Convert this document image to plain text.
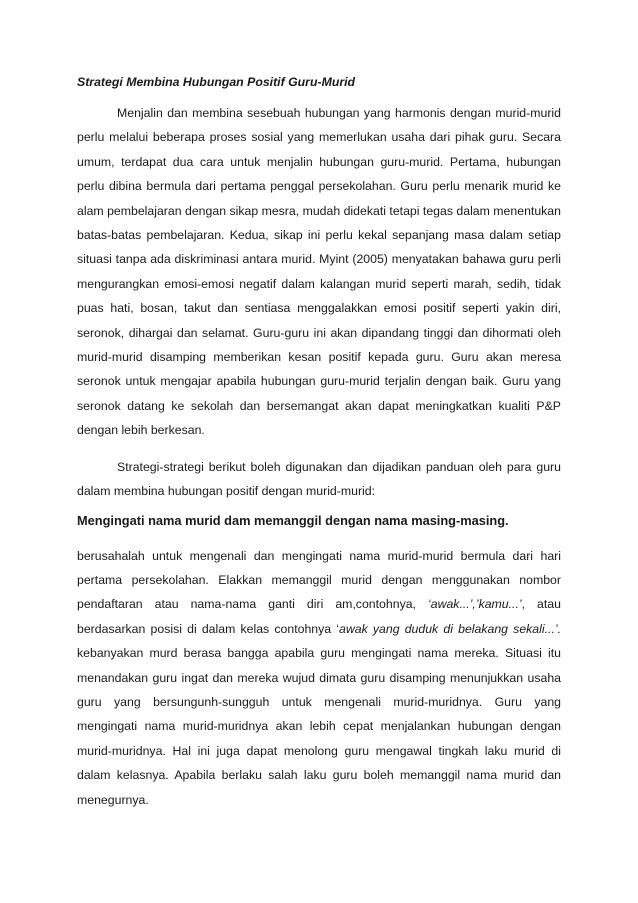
Strategi Membina Hubungan Positif Guru-Murid

Menjalin dan membina sesebuah hubungan yang harmonis dengan murid-murid perlu melalui beberapa proses sosial yang memerlukan usaha dari pihak guru. Secara umum, terdapat dua cara untuk menjalin hubungan guru-murid. Pertama, hubungan perlu dibina bermula dari pertama penggal persekolahan. Guru perlu menarik murid ke alam pembelajaran dengan sikap mesra, mudah didekati tetapi tegas dalam menentukan batas-batas pembelajaran. Kedua, sikap ini perlu kekal sepanjang masa dalam setiap situasi tanpa ada diskriminasi antara murid. Myint (2005) menyatakan bahawa guru perli mengurangkan emosi-emosi negatif dalam kalangan murid seperti marah, sedih, tidak puas hati, bosan, takut dan sentiasa menggalakkan emosi positif seperti yakin diri, seronok, dihargai dan selamat. Guru-guru ini akan dipandang tinggi dan dihormati oleh murid-murid disamping memberikan kesan positif kepada guru. Guru akan meresa seronok untuk mengajar apabila hubungan guru-murid terjalin dengan baik. Guru yang seronok datang ke sekolah dan bersemangat akan dapat meningkatkan kualiti P&P dengan lebih berkesan.

Strategi-strategi berikut boleh digunakan dan dijadikan panduan oleh para guru dalam membina hubungan positif dengan murid-murid:

Mengingati nama murid dam memanggil dengan nama masing-masing.

berusahalah untuk mengenali dan mengingati nama murid-murid bermula dari hari pertama persekolahan. Elakkan memanggil murid dengan menggunakan nombor pendaftaran atau nama-nama ganti diri am,contohnya, ‘awak...’,’kamu...’, atau berdasarkan posisi di dalam kelas contohnya ‘awak yang duduk di belakang sekali...’. kebanyakan murd berasa bangga apabila guru mengingati nama mereka. Situasi itu menandakan guru ingat dan mereka wujud dimata guru disamping menunjukkan usaha guru yang bersungunh-sungguh untuk mengenali murid-muridnya. Guru yang mengingati nama murid-muridnya akan lebih cepat menjalankan hubungan dengan murid-muridnya. Hal ini juga dapat menolong guru mengawal tingkah laku murid di dalam kelasnya. Apabila berlaku salah laku guru boleh memanggil nama murid dan menegurnya.
